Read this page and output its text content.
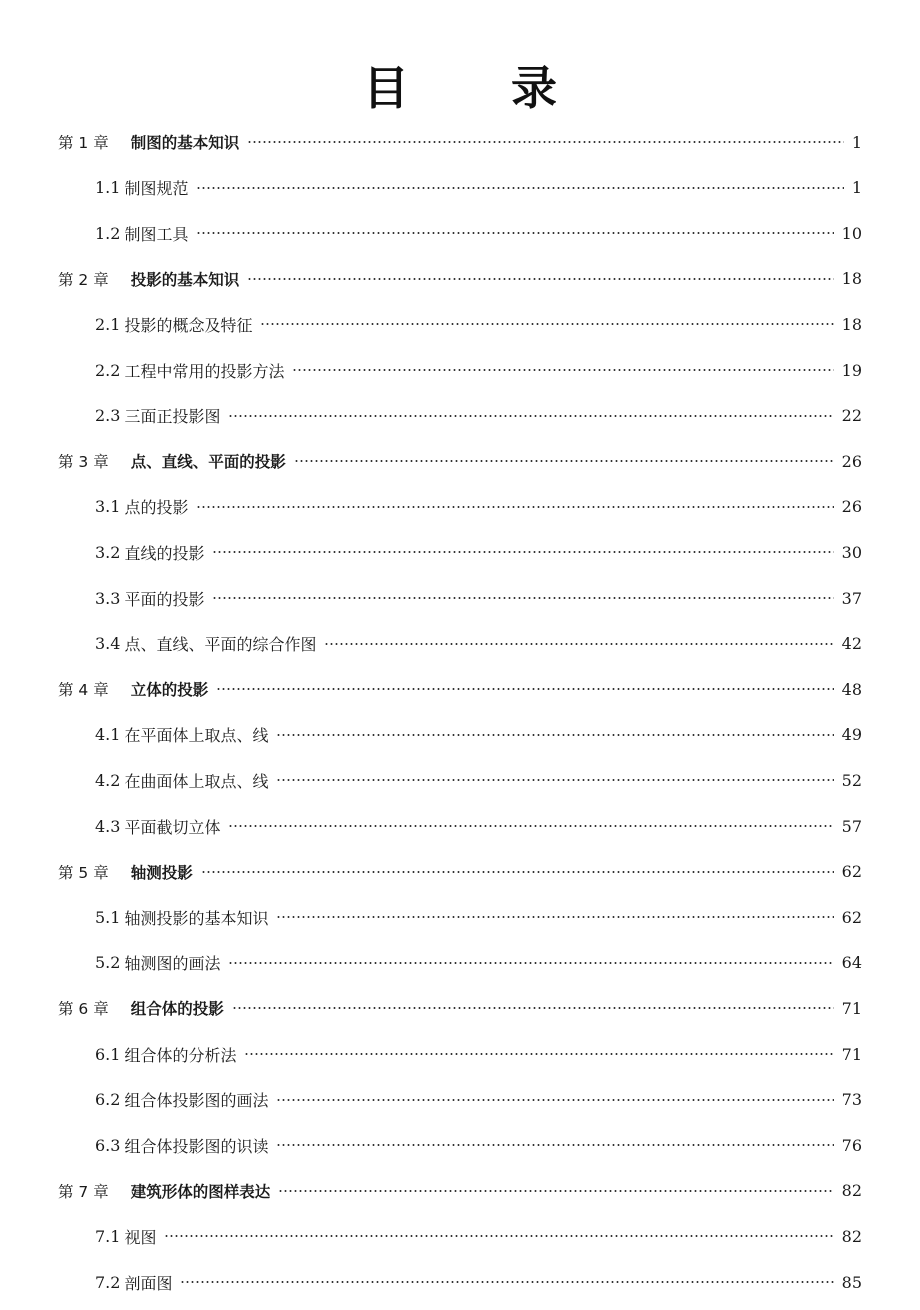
目 录
第 1 章 制图的基本知识	1
1.1 制图规范	1
1.2 制图工具	10
第 2 章 投影的基本知识	18
2.1 投影的概念及特征	18
2.2 工程中常用的投影方法	19
2.3 三面正投影图	22
第 3 章 点、直线、平面的投影	26
3.1 点的投影	26
3.2 直线的投影	30
3.3 平面的投影	37
3.4 点、直线、平面的综合作图	42
第 4 章 立体的投影	48
4.1 在平面体上取点、线	49
4.2 在曲面体上取点、线	52
4.3 平面截切立体	57
第 5 章 轴测投影	62
5.1 轴测投影的基本知识	62
5.2 轴测图的画法	64
第 6 章 组合体的投影	71
6.1 组合体的分析法	71
6.2 组合体投影图的画法	73
6.3 组合体投影图的识读	76
第 7 章 建筑形体的图样表达	82
7.1 视图	82
7.2 剖面图	85
